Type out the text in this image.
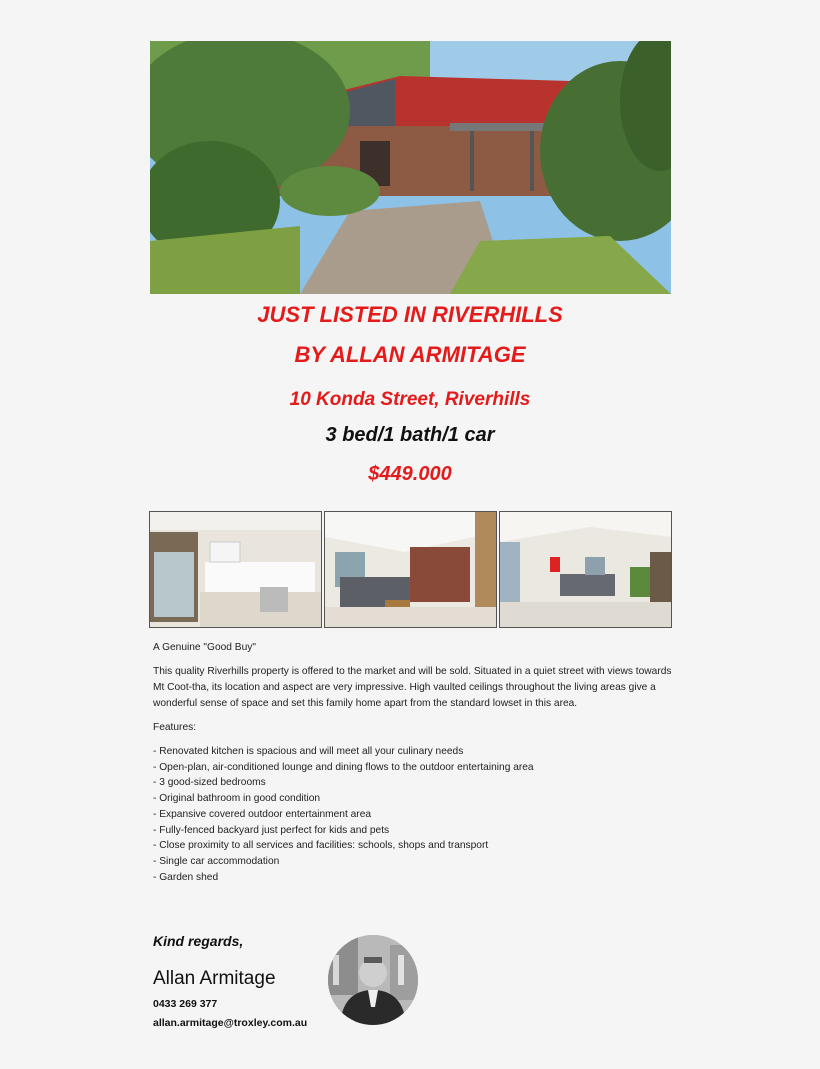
JUST LISTED IN RIVERHILLS
BY ALLAN ARMITAGE
10 Konda Street, Riverhills
3 bed/1 bath/1 car
$449.000

A Genuine "Good Buy"

This quality Riverhills property is offered to the market and will be sold. Situated in a quiet street with views towards Mt Coot-tha, its location and aspect are very impressive. High vaulted ceilings throughout the living areas give a wonderful sense of space and set this family home apart from the standard lowset in this area.

Features:

- Renovated kitchen is spacious and will meet all your culinary needs
- Open-plan, air-conditioned lounge and dining flows to the outdoor entertaining area
- 3 good-sized bedrooms
- Original bathroom in good condition
- Expansive covered outdoor entertainment area
- Fully-fenced backyard just perfect for kids and pets
- Close proximity to all services and facilities: schools, shops and transport
- Single car accommodation
- Garden shed
Kind regards,
Allan Armitage
0433 269 377
allan.armitage@troxley.com.au
